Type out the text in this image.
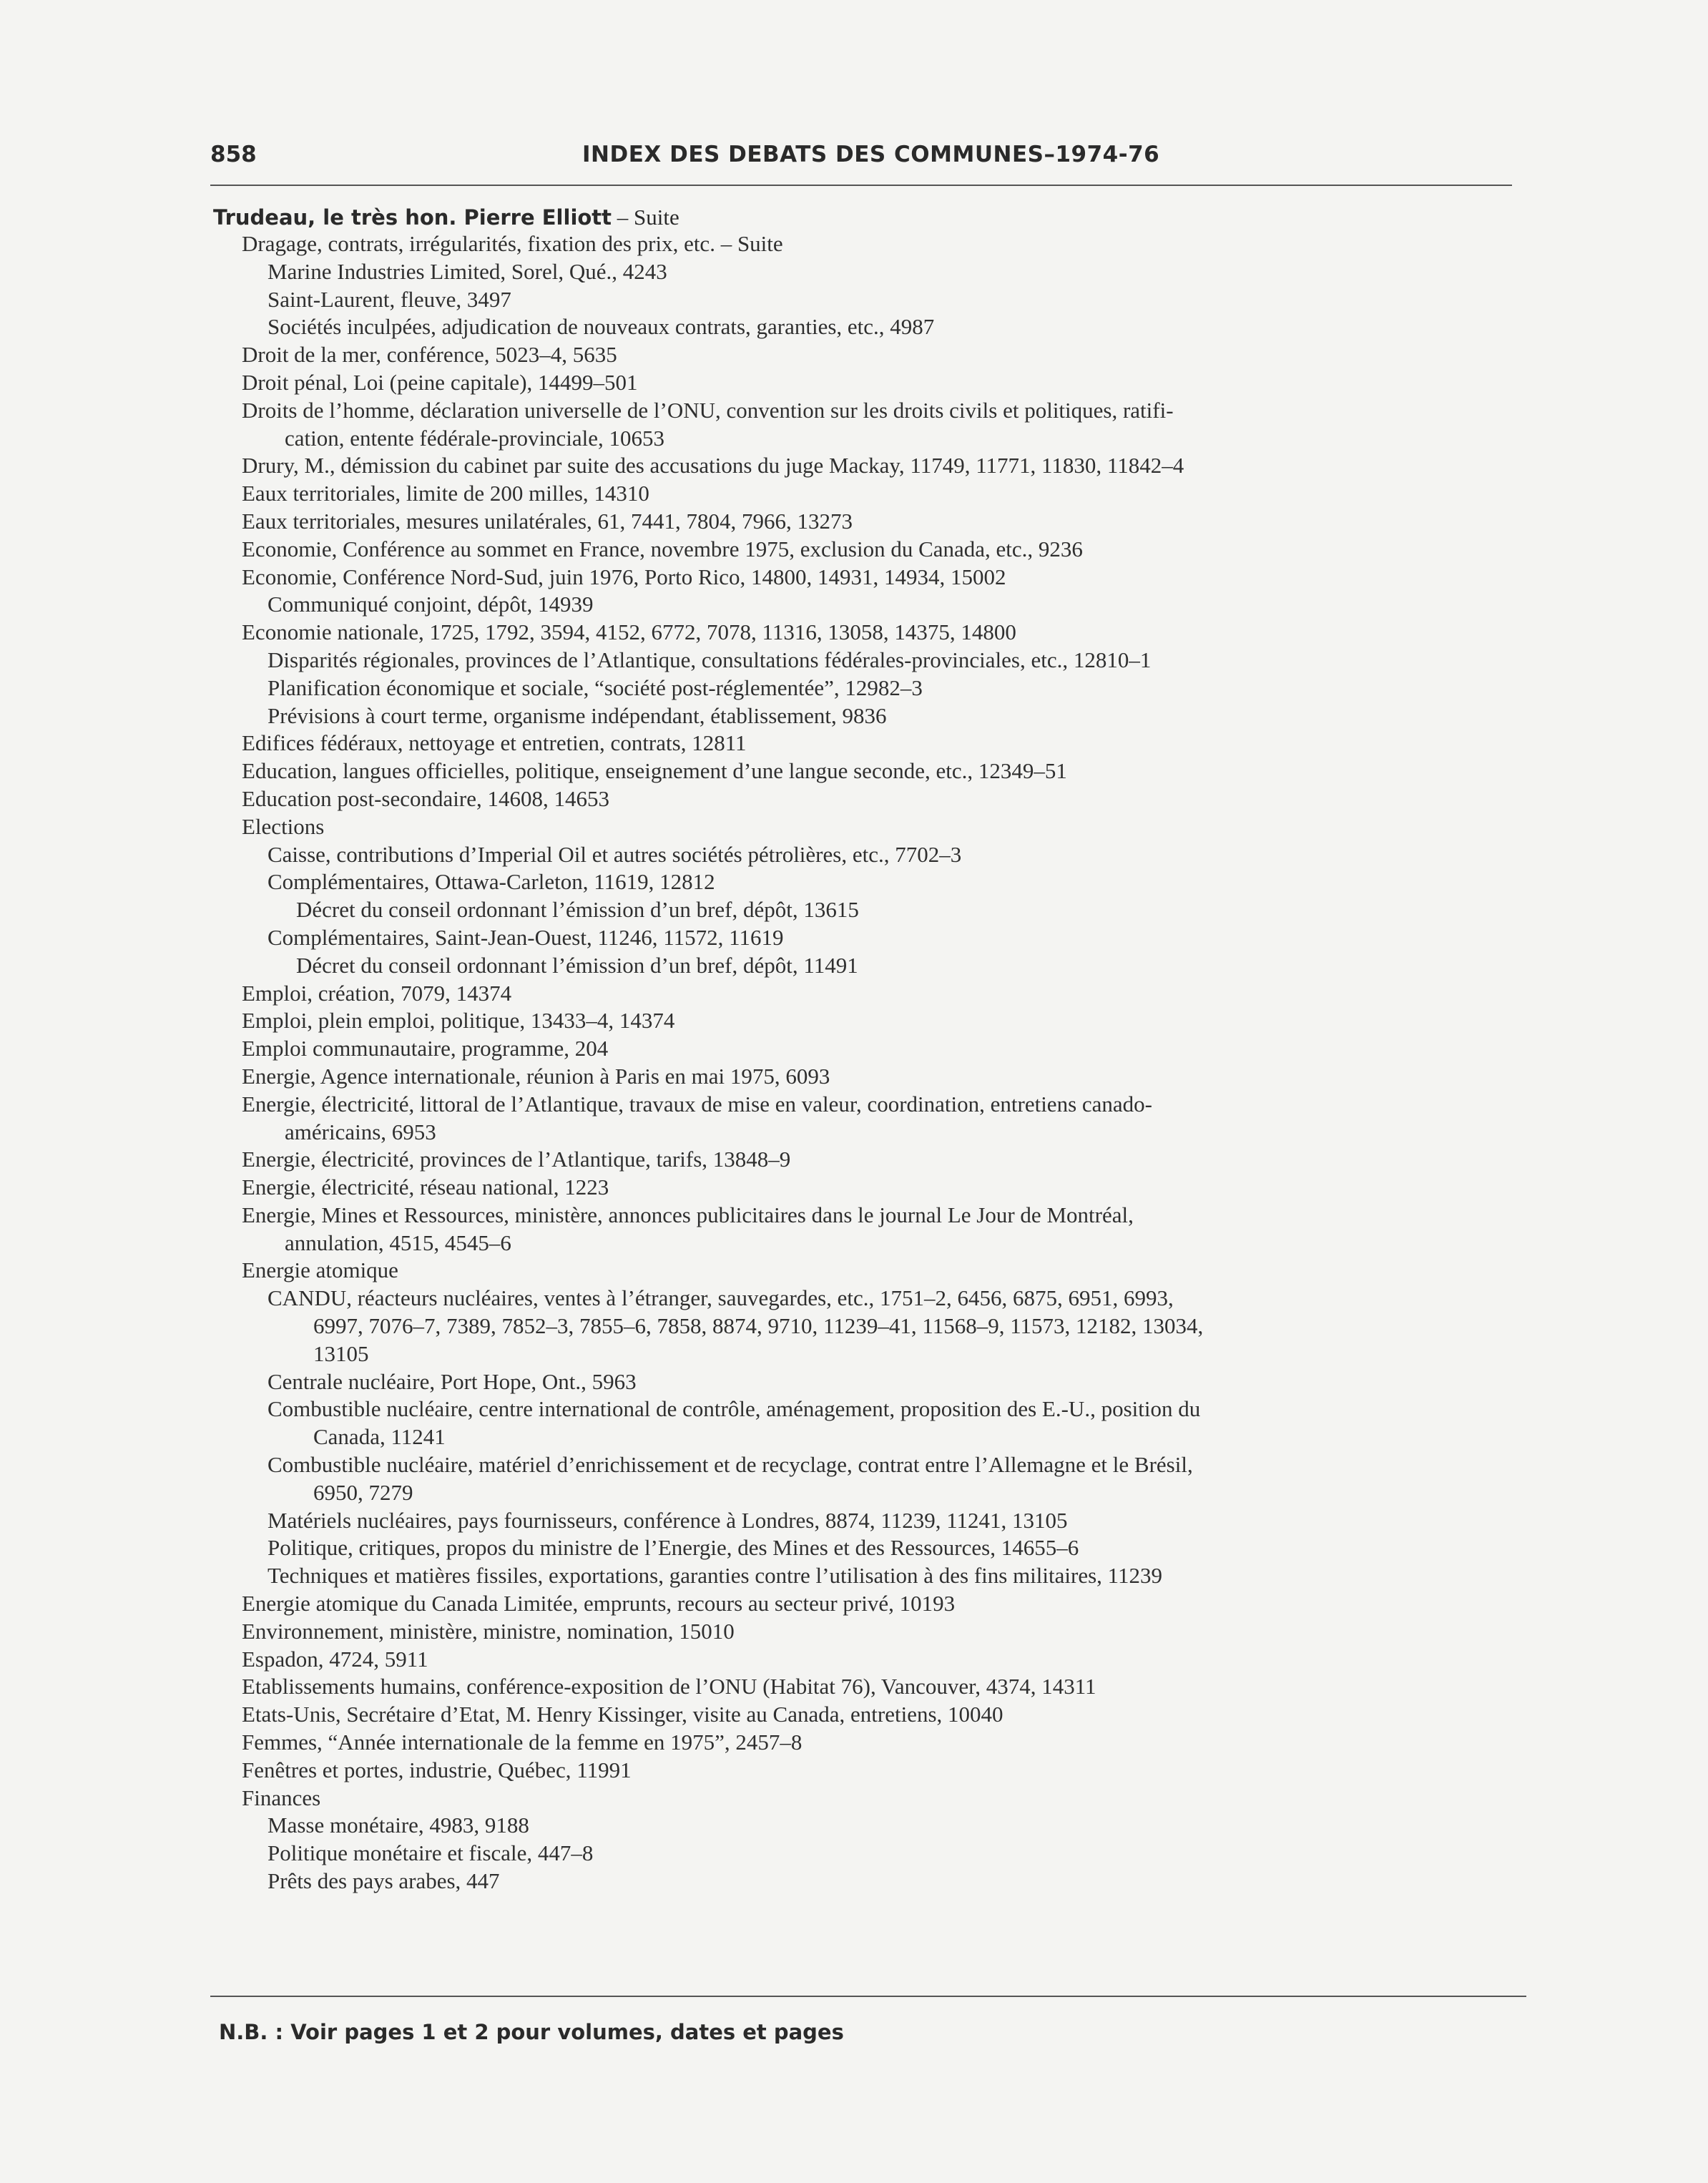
858	INDEX DES DEBATS DES COMMUNES–1974-76
Trudeau, le très hon. Pierre Elliott – Suite
Dragage, contrats, irrégularités, fixation des prix, etc. – Suite
Marine Industries Limited, Sorel, Qué., 4243
Saint-Laurent, fleuve, 3497
Sociétés inculpées, adjudication de nouveaux contrats, garanties, etc., 4987
Droit de la mer, conférence, 5023–4, 5635
Droit pénal, Loi (peine capitale), 14499–501
Droits de l’homme, déclaration universelle de l’ONU, convention sur les droits civils et politiques, ratifi-
cation, entente fédérale-provinciale, 10653
Drury, M., démission du cabinet par suite des accusations du juge Mackay, 11749, 11771, 11830, 11842–4
Eaux territoriales, limite de 200 milles, 14310
Eaux territoriales, mesures unilatérales, 61, 7441, 7804, 7966, 13273
Economie, Conférence au sommet en France, novembre 1975, exclusion du Canada, etc., 9236
Economie, Conférence Nord-Sud, juin 1976, Porto Rico, 14800, 14931, 14934, 15002
Communiqué conjoint, dépôt, 14939
Economie nationale, 1725, 1792, 3594, 4152, 6772, 7078, 11316, 13058, 14375, 14800
Disparités régionales, provinces de l’Atlantique, consultations fédérales-provinciales, etc., 12810–1
Planification économique et sociale, “société post-réglementée”, 12982–3
Prévisions à court terme, organisme indépendant, établissement, 9836
Edifices fédéraux, nettoyage et entretien, contrats, 12811
Education, langues officielles, politique, enseignement d’une langue seconde, etc., 12349–51
Education post-secondaire, 14608, 14653
Elections
Caisse, contributions d’Imperial Oil et autres sociétés pétrolières, etc., 7702–3
Complémentaires, Ottawa-Carleton, 11619, 12812
Décret du conseil ordonnant l’émission d’un bref, dépôt, 13615
Complémentaires, Saint-Jean-Ouest, 11246, 11572, 11619
Décret du conseil ordonnant l’émission d’un bref, dépôt, 11491
Emploi, création, 7079, 14374
Emploi, plein emploi, politique, 13433–4, 14374
Emploi communautaire, programme, 204
Energie, Agence internationale, réunion à Paris en mai 1975, 6093
Energie, électricité, littoral de l’Atlantique, travaux de mise en valeur, coordination, entretiens canado-
américains, 6953
Energie, électricité, provinces de l’Atlantique, tarifs, 13848–9
Energie, électricité, réseau national, 1223
Energie, Mines et Ressources, ministère, annonces publicitaires dans le journal Le Jour de Montréal,
annulation, 4515, 4545–6
Energie atomique
CANDU, réacteurs nucléaires, ventes à l’étranger, sauvegardes, etc., 1751–2, 6456, 6875, 6951, 6993,
6997, 7076–7, 7389, 7852–3, 7855–6, 7858, 8874, 9710, 11239–41, 11568–9, 11573, 12182, 13034,
13105
Centrale nucléaire, Port Hope, Ont., 5963
Combustible nucléaire, centre international de contrôle, aménagement, proposition des E.-U., position du
Canada, 11241
Combustible nucléaire, matériel d’enrichissement et de recyclage, contrat entre l’Allemagne et le Brésil,
6950, 7279
Matériels nucléaires, pays fournisseurs, conférence à Londres, 8874, 11239, 11241, 13105
Politique, critiques, propos du ministre de l’Energie, des Mines et des Ressources, 14655–6
Techniques et matières fissiles, exportations, garanties contre l’utilisation à des fins militaires, 11239
Energie atomique du Canada Limitée, emprunts, recours au secteur privé, 10193
Environnement, ministère, ministre, nomination, 15010
Espadon, 4724, 5911
Etablissements humains, conférence-exposition de l’ONU (Habitat 76), Vancouver, 4374, 14311
Etats-Unis, Secrétaire d’Etat, M. Henry Kissinger, visite au Canada, entretiens, 10040
Femmes, “Année internationale de la femme en 1975”, 2457–8
Fenêtres et portes, industrie, Québec, 11991
Finances
Masse monétaire, 4983, 9188
Politique monétaire et fiscale, 447–8
Prêts des pays arabes, 447
N.B. : Voir pages 1 et 2 pour volumes, dates et pages
